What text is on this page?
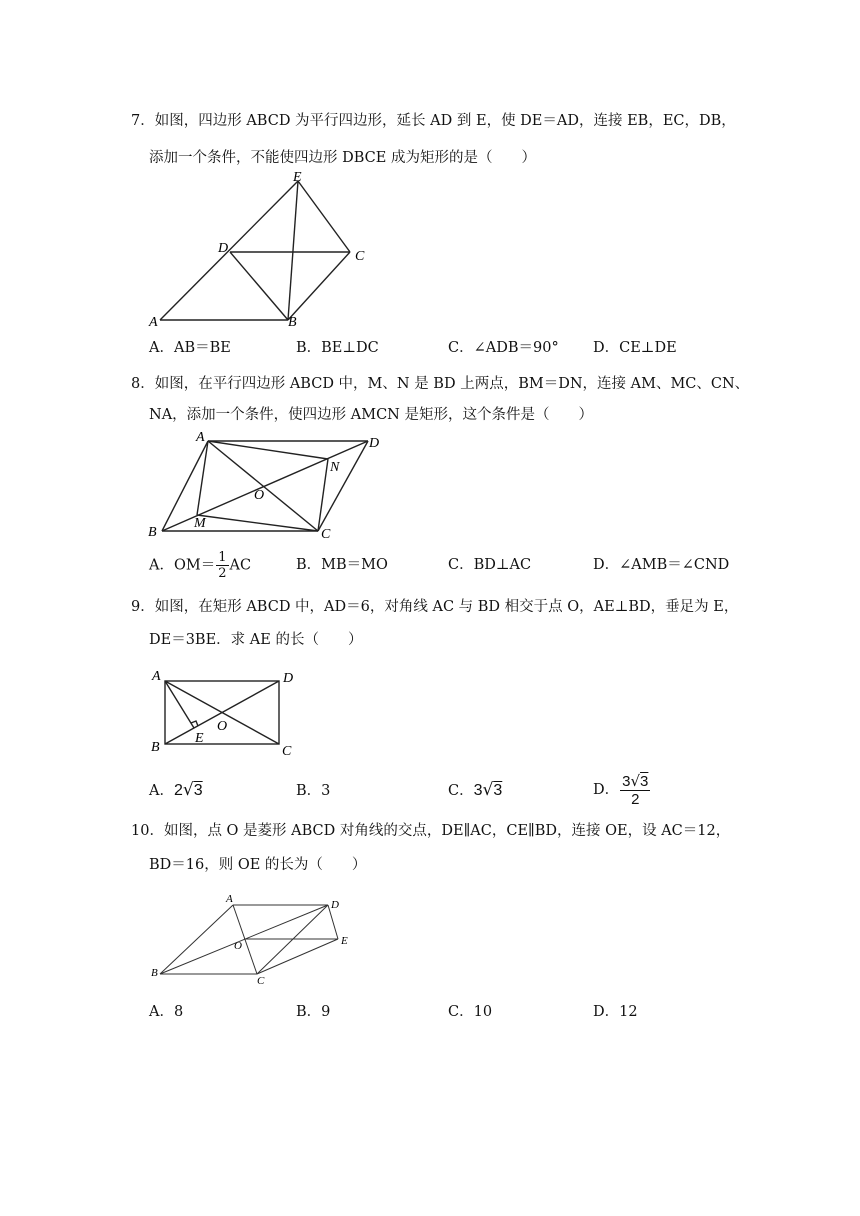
7．如图，四边形 ABCD 为平行四边形，延长 AD 到 E，使 DE＝AD，连接 EB，EC，DB，
添加一个条件，不能使四边形 DBCE 成为矩形的是（　　）
E
D
C
A	B
A．AB＝BE	B．BE⊥DC	C．∠ADB＝90° D．CE⊥DE
8．如图，在平行四边形 ABCD 中，M、N 是 BD 上两点，BM＝DN，连接 AM、MC、CN、
NA，添加一个条件，使四边形 AMCN 是矩形，这个条件是（　　）
A	D
N
O
M
B	C
A．$OM= \frac{1}{2}$ AC	B．MB＝MO	C．BD⊥AC	D．∠AMB＝∠CND
9．如图，在矩形 ABCD 中，AD＝6，对角线 AC 与 BD 相交于点 O，AE⊥BD，垂足为 E，
DE＝3BE．求 AE 的长（　　）
A	D
O
E
B	C
A．2√3	B．3	C．3√3	D． $\frac{3√3}{2}$
10．如图，点 O 是菱形 ABCD 对角线的交点，DE∥AC，CE∥BD，连接 OE，设 AC＝12，
BD＝16，则 OE 的长为（　　）
A	D
E
O
B
C
A．8	B．9	C．10	D．12
